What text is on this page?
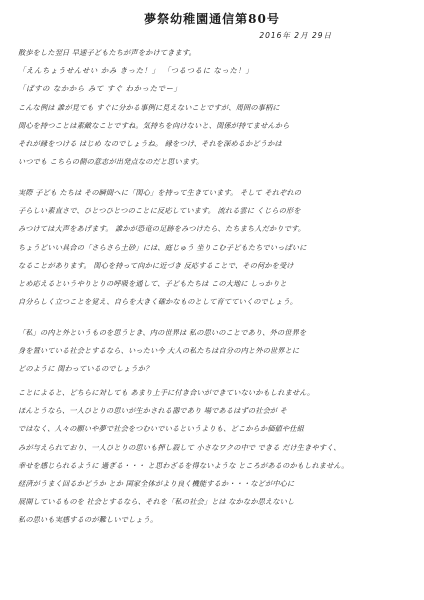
夢祭幼稚園通信第80号
2016年 2月 29日
散歩をした翌日 早速子どもたちが声をかけてきます。
「えんちょうせんせい かみ きった！」 「つるつるに なった！」
「ぱすの なかから みて すぐ わかったでー」
こんな例は 誰が見ても すぐに分かる事例に見えないことですが、周囲の事柄に
関心を持つことは素敵なことですね。気持ちを向けないと、関係が持てませんから
それが縁をつける はじめ なのでしょうね。 縁をつけ、それを深めるかどうかは
いつでも こちらの側の意志が出発点なのだと思います。
実際 子ども たちは その瞬間へに「関心」を持って生きています。 そして それぞれの
子らしい素直さで、ひとつひとつのことに反応しています。 流れる雲に くじらの形を
みつけては大声をあげます。 誰かが恐竜の足跡をみつけたら、たちまち人だかりです。
ちょうどいい具合の「さらさら土砂」には、庭じゅう 坐りこむ子どもたちでいっぱいに
なることがあります。 関心を持って向かに近づき 反応することで、その何かを受け
とめ応えるというやりとりの呼吸を通して、子どもたちは この大地に しっかりと
自分らしく立つことを覚え、自らを大きく確かなものとして育てていくのでしょう。
「私」の内と外というものを思うとき、内の世界は 私の思いのことであり、外の世界を
身を置いている社会とするなら、いったい今 大人の私たちは自分の内と外の世界とに
どのように 関わっているのでしょうか？
ことによると、どちらに対しても あまり上手に付き合いができていないかもしれません。
ほんとうなら、一人ひとりの思いが生かされる器であり 場であるはずの社会が そ
ではなく、人々の願いや夢で社会をつむいでいるというよりも、どこからか価値や仕組
みが与えられており、一人ひとりの思いも押し殺して 小さなワクの中で できる だけ生きやすく、
幸せを感じられるように 過ぎる・・・ と思わざるを得ないような ところがあるのかもしれません。
経済がうまく回るかどうか とか 国家全体がより良く機能するか・・・などが中心に
展開しているものを 社会とするなら、それを「私の社会」とは なかなか思えないし
私の思いも実感するのが難しいでしょう。
